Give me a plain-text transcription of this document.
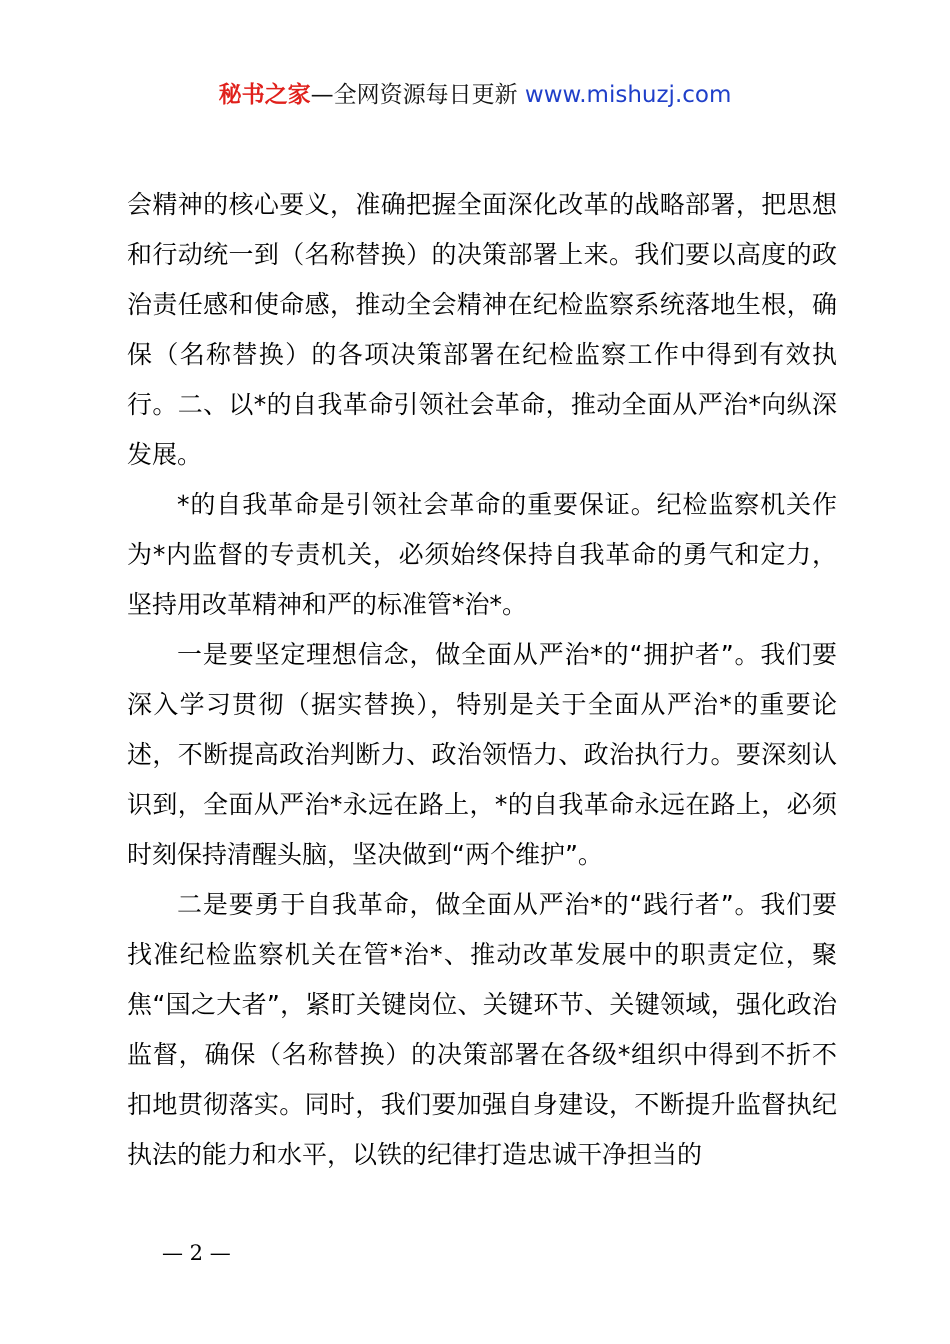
秘书之家—全网资源每日更新 www.mishuzj.com

会精神的核心要义，准确把握全面深化改革的战略部署，把思想和行动统一到（名称替换）的决策部署上来。我们要以高度的政治责任感和使命感，推动全会精神在纪检监察系统落地生根，确保（名称替换）的各项决策部署在纪检监察工作中得到有效执行。二、以*的自我革命引领社会革命，推动全面从严治*向纵深发展。

*的自我革命是引领社会革命的重要保证。纪检监察机关作为*内监督的专责机关，必须始终保持自我革命的勇气和定力，坚持用改革精神和严的标准管*治*。

一是要坚定理想信念，做全面从严治*的“拥护者”。我们要深入学习贯彻（据实替换），特别是关于全面从严治*的重要论述，不断提高政治判断力、政治领悟力、政治执行力。要深刻认识到，全面从严治*永远在路上，*的自我革命永远在路上，必须时刻保持清醒头脑，坚决做到“两个维护”。

二是要勇于自我革命，做全面从严治*的“践行者”。我们要找准纪检监察机关在管*治*、推动改革发展中的职责定位，聚焦“国之大者”，紧盯关键岗位、关键环节、关键领域，强化政治监督，确保（名称替换）的决策部署在各级*组织中得到不折不扣地贯彻落实。同时，我们要加强自身建设，不断提升监督执纪执法的能力和水平，以铁的纪律打造忠诚干净担当的

— 2 —
